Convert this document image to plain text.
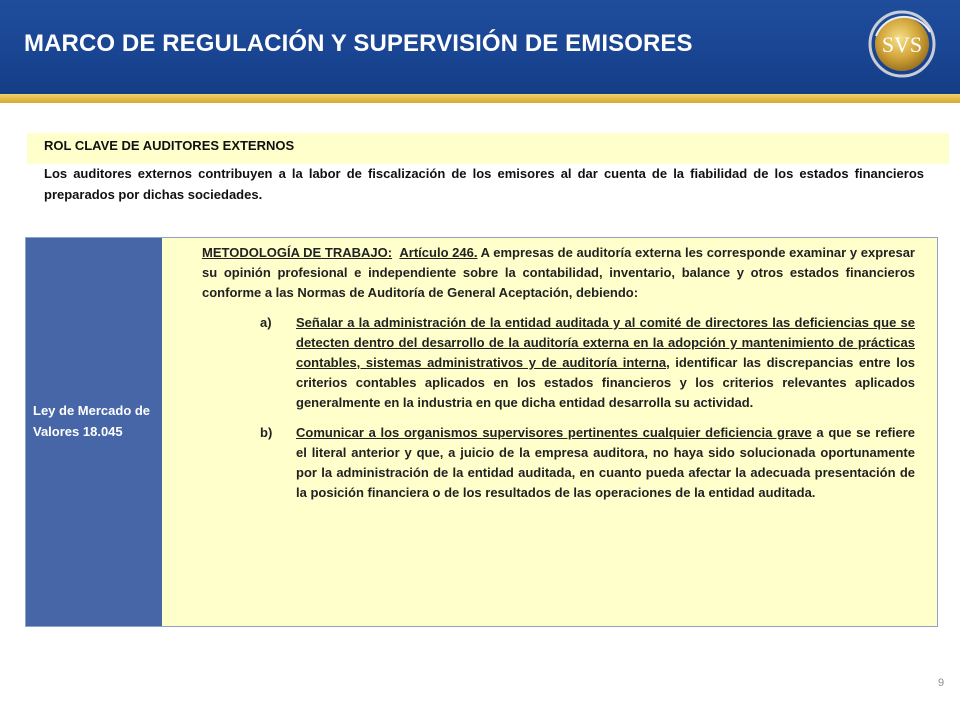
MARCO DE REGULACIÓN Y SUPERVISIÓN DE EMISORES	SVS
ROL CLAVE DE AUDITORES EXTERNOS
Los auditores externos contribuyen a la labor de fiscalización de los emisores al dar cuenta de la fiabilidad de los estados financieros preparados por dichas sociedades.
Ley de Mercado de Valores 18.045

METODOLOGÍA DE TRABAJO: Artículo 246. A empresas de auditoría externa les corresponde examinar y expresar su opinión profesional e independiente sobre la contabilidad, inventario, balance y otros estados financieros conforme a las Normas de Auditoría de General Aceptación, debiendo:

a) Señalar a la administración de la entidad auditada y al comité de directores las deficiencias que se detecten dentro del desarrollo de la auditoría externa en la adopción y mantenimiento de prácticas contables, sistemas administrativos y de auditoría interna, identificar las discrepancias entre los criterios contables aplicados en los estados financieros y los criterios relevantes aplicados generalmente en la industria en que dicha entidad desarrolla su actividad.
b) Comunicar a los organismos supervisores pertinentes cualquier deficiencia grave a que se refiere el literal anterior y que, a juicio de la empresa auditora, no haya sido solucionada oportunamente por la administración de la entidad auditada, en cuanto pueda afectar la adecuada presentación de la posición financiera o de los resultados de las operaciones de la entidad auditada.
9
